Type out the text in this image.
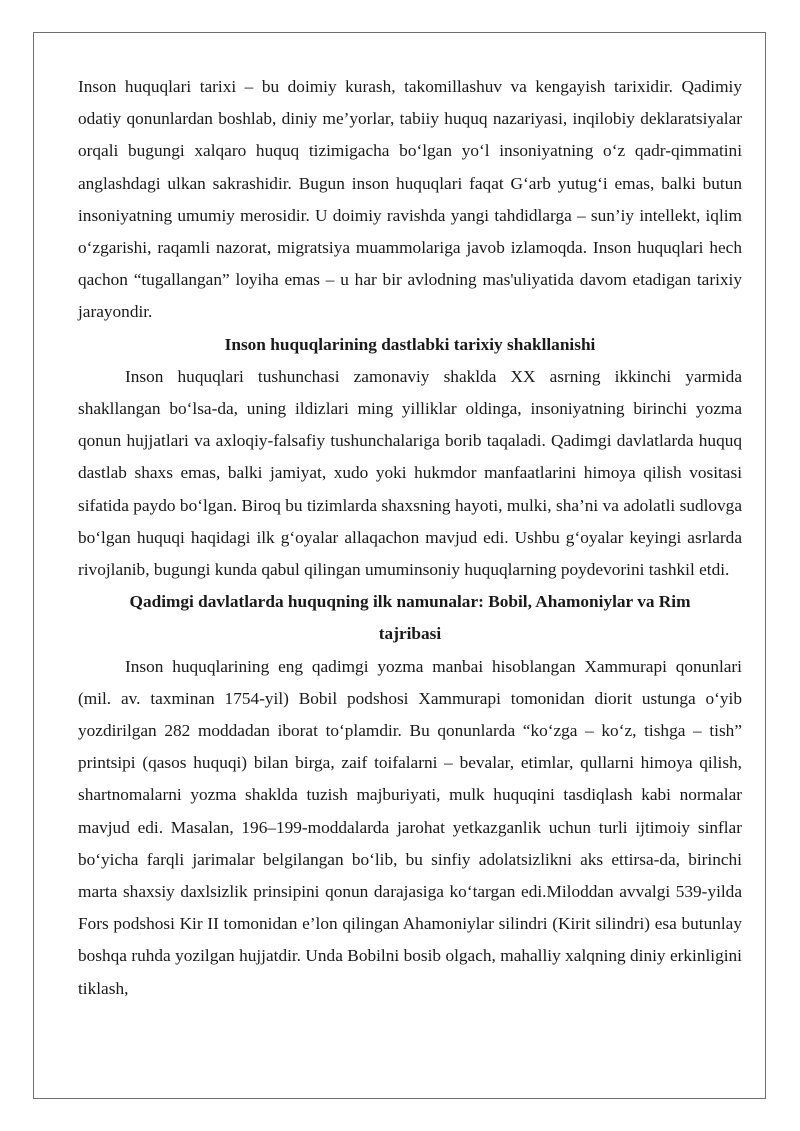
Inson huquqlari tarixi – bu doimiy kurash, takomillashuv va kengayish tarixidir. Qadimiy odatiy qonunlardan boshlab, diniy me’yorlar, tabiiy huquq nazariyasi, inqilobiy deklaratsiyalar orqali bugungi xalqaro huquq tizimigacha bo‘lgan yo‘l insoniyatning o‘z qadr-qimmatini anglashdagi ulkan sakrashidir. Bugun inson huquqlari faqat G‘arb yutug‘i emas, balki butun insoniyatning umumiy merosidir. U doimiy ravishda yangi tahdidlarga – sun’iy intellekt, iqlim o‘zgarishi, raqamli nazorat, migratsiya muammolariga javob izlamoqda. Inson huquqlari hech qachon “tugallangan” loyiha emas – u har bir avlodning mas'uliyatida davom etadigan tarixiy jarayondir.

Inson huquqlarining dastlabki tarixiy shakllanishi

Inson huquqlari tushunchasi zamonaviy shaklda XX asrning ikkinchi yarmida shakllangan bo‘lsa-da, uning ildizlari ming yilliklar oldinga, insoniyatning birinchi yozma qonun hujjatlari va axloqiy-falsafiy tushunchalariga borib taqaladi. Qadimgi davlatlarda huquq dastlab shaxs emas, balki jamiyat, xudo yoki hukmdor manfaatlarini himoya qilish vositasi sifatida paydo bo‘lgan. Biroq bu tizimlarda shaxsning hayoti, mulki, sha’ni va adolatli sudlovga bo‘lgan huquqi haqidagi ilk g‘oyalar allaqachon mavjud edi. Ushbu g‘oyalar keyingi asrlarda rivojlanib, bugungi kunda qabul qilingan umuminsoniy huquqlarning poydevorini tashkil etdi.

Qadimgi davlatlarda huquqning ilk namunalar: Bobil, Ahamoniylar va Rim tajribasi

Inson huquqlarining eng qadimgi yozma manbai hisoblangan Xammurapi qonunlari (mil. av. taxminan 1754-yil) Bobil podshosi Xammurapi tomonidan diorit ustunga o‘yib yozdirilgan 282 moddadan iborat to‘plamdir. Bu qonunlarda “ko‘zga – ko‘z, tishga – tish” printsipi (qasos huquqi) bilan birga, zaif toifalarni – bevalar, etimlar, qullarni himoya qilish, shartnomalarni yozma shaklda tuzish majburiyati, mulk huquqini tasdiqlash kabi normalar mavjud edi. Masalan, 196–199-moddalarda jarohat yetkazganlik uchun turli ijtimoiy sinflar bo‘yicha farqli jarimalar belgilangan bo‘lib, bu sinfiy adolatsizlikni aks ettirsa-da, birinchi marta shaxsiy daxlsizlik prinsipini qonun darajasiga ko‘targan edi.Miloddan avvalgi 539-yilda Fors podshosi Kir II tomonidan e’lon qilingan Ahamoniylar silindri (Kirit silindri) esa butunlay boshqa ruhda yozilgan hujjatdir. Unda Bobilni bosib olgach, mahalliy xalqning diniy erkinligini tiklash,
